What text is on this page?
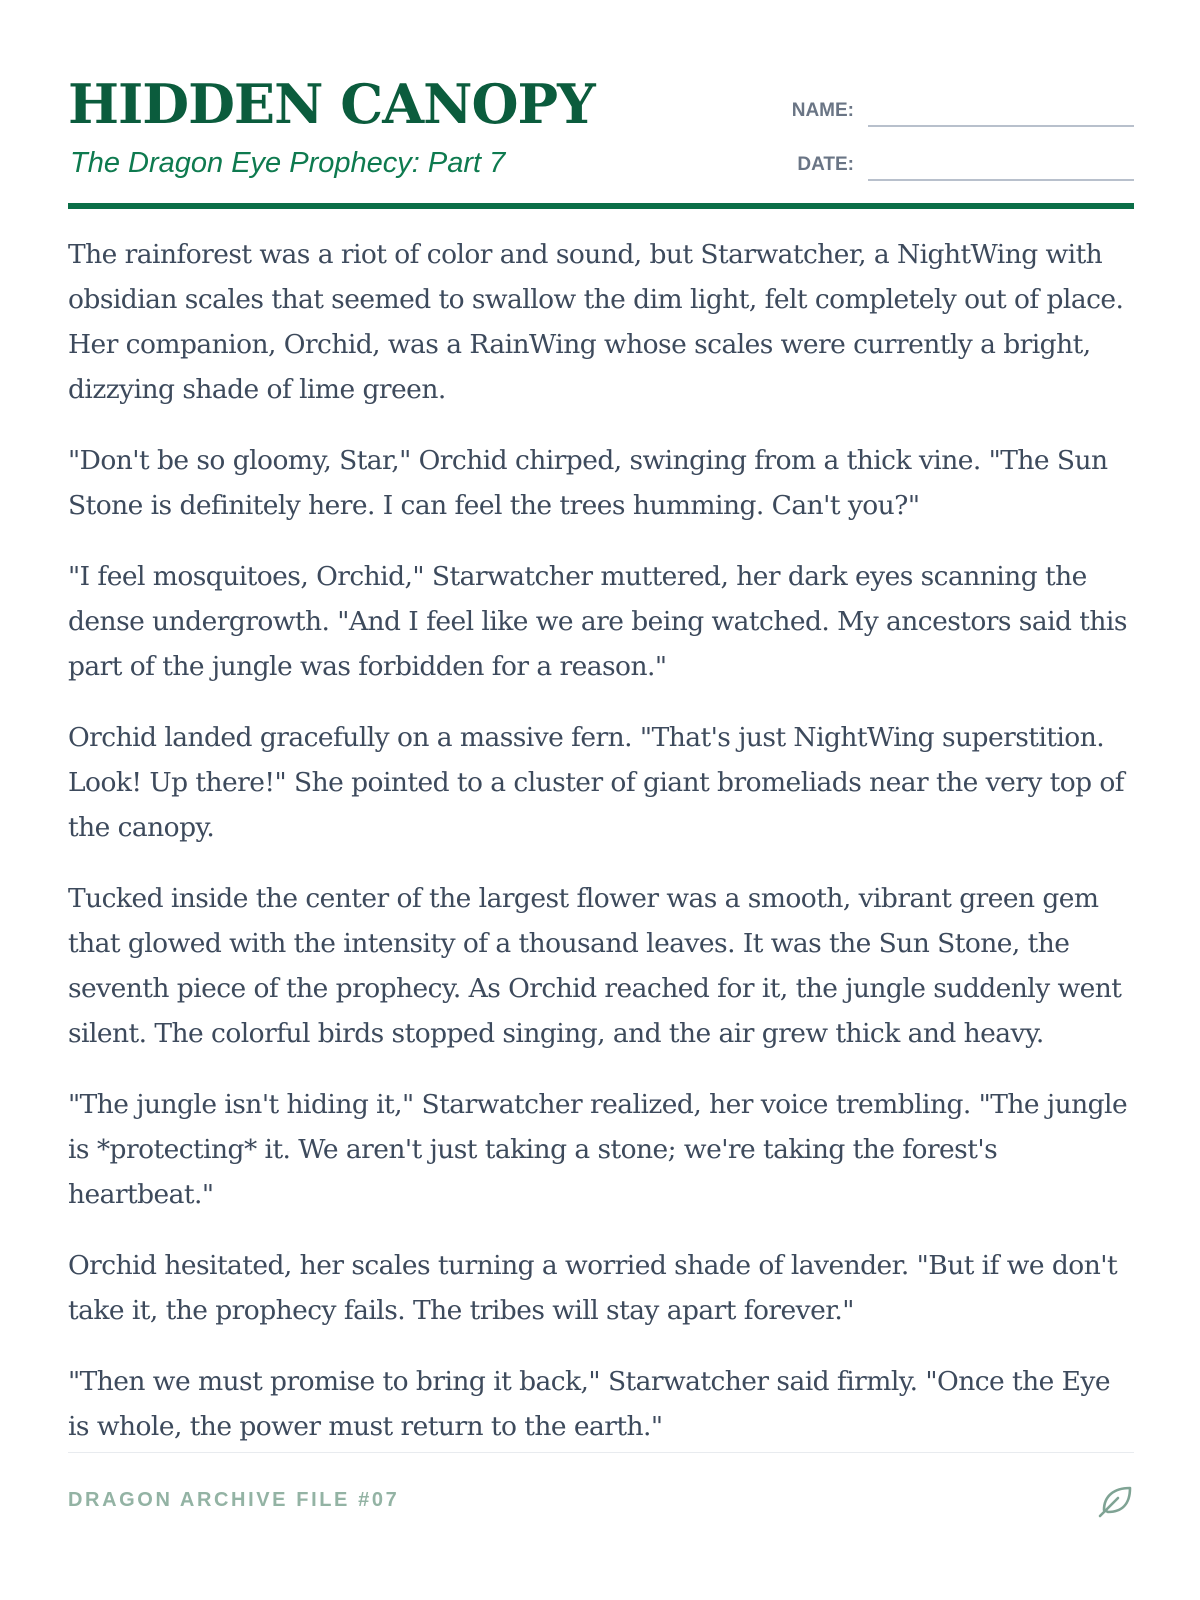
HIDDEN CANOPY
The Dragon Eye Prophecy: Part 7
NAME:
DATE:

The rainforest was a riot of color and sound, but Starwatcher, a NightWing with obsidian scales that seemed to swallow the dim light, felt completely out of place. Her companion, Orchid, was a RainWing whose scales were currently a bright, dizzying shade of lime green.

"Don't be so gloomy, Star," Orchid chirped, swinging from a thick vine. "The Sun Stone is definitely here. I can feel the trees humming. Can't you?"

"I feel mosquitoes, Orchid," Starwatcher muttered, her dark eyes scanning the dense undergrowth. "And I feel like we are being watched. My ancestors said this part of the jungle was forbidden for a reason."

Orchid landed gracefully on a massive fern. "That's just NightWing superstition. Look! Up there!" She pointed to a cluster of giant bromeliads near the very top of the canopy.

Tucked inside the center of the largest flower was a smooth, vibrant green gem that glowed with the intensity of a thousand leaves. It was the Sun Stone, the seventh piece of the prophecy. As Orchid reached for it, the jungle suddenly went silent. The colorful birds stopped singing, and the air grew thick and heavy.

"The jungle isn't hiding it," Starwatcher realized, her voice trembling. "The jungle is *protecting* it. We aren't just taking a stone; we're taking the forest's heartbeat."

Orchid hesitated, her scales turning a worried shade of lavender. "But if we don't take it, the prophecy fails. The tribes will stay apart forever."

"Then we must promise to bring it back," Starwatcher said firmly. "Once the Eye is whole, the power must return to the earth."

DRAGON ARCHIVE FILE #07
